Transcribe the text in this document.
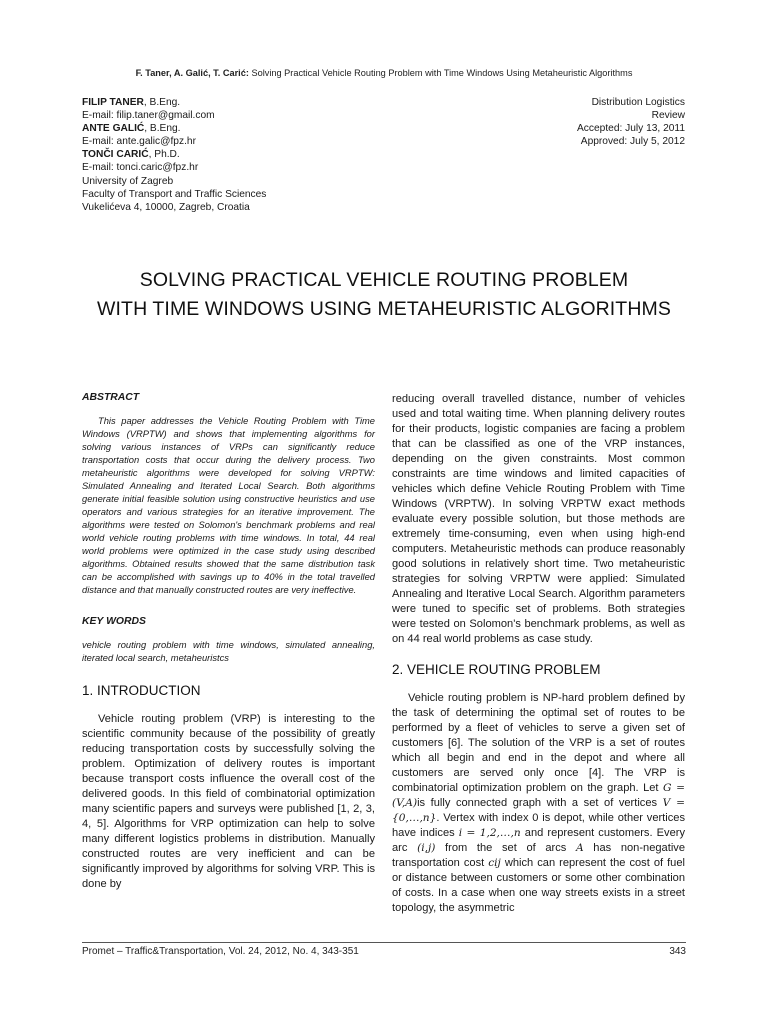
F. Taner, A. Galić, T. Carić: Solving Practical Vehicle Routing Problem with Time Windows Using Metaheuristic Algorithms
FILIP TANER, B.Eng.
E-mail: filip.taner@gmail.com
ANTE GALIĆ, B.Eng.
E-mail: ante.galic@fpz.hr
TONČI CARIĆ, Ph.D.
E-mail: tonci.caric@fpz.hr
University of Zagreb
Faculty of Transport and Traffic Sciences
Vukelićeva 4, 10000, Zagreb, Croatia
Distribution Logistics
Review
Accepted: July 13, 2011
Approved: July 5, 2012
SOLVING PRACTICAL VEHICLE ROUTING PROBLEM
WITH TIME WINDOWS USING METAHEURISTIC ALGORITHMS
ABSTRACT

This paper addresses the Vehicle Routing Problem with Time Windows (VRPTW) and shows that implementing algorithms for solving various instances of VRPs can significantly reduce transportation costs that occur during the delivery process. Two metaheuristic algorithms were developed for solving VRPTW: Simulated Annealing and Iterated Local Search. Both algorithms generate initial feasible solution using constructive heuristics and use operators and various strategies for an iterative improvement. The algorithms were tested on Solomon's benchmark problems and real world vehicle routing problems with time windows. In total, 44 real world problems were optimized in the case study using described algorithms. Obtained results showed that the same distribution task can be accomplished with savings up to 40% in the total travelled distance and that manually constructed routes are very ineffective.

KEY WORDS

vehicle routing problem with time windows, simulated annealing, iterated local search, metaheuristcs

1. INTRODUCTION

Vehicle routing problem (VRP) is interesting to the scientific community because of the possibility of greatly reducing transportation costs by successfully solving the problem. Optimization of delivery routes is important because transport costs influence the overall cost of the delivered goods. In this field of combinatorial optimization many scientific papers and surveys were published [1, 2, 3, 4, 5]. Algorithms for VRP optimization can help to solve many different logistics problems in distribution. Manually constructed routes are very inefficient and can be significantly improved by algorithms for solving VRP. This is done by

reducing overall travelled distance, number of vehicles used and total waiting time. When planning delivery routes for their products, logistic companies are facing a problem that can be classified as one of the VRP instances, depending on the given constraints. Most common constraints are time windows and limited capacities of vehicles which define Vehicle Routing Problem with Time Windows (VRPTW). In solving VRPTW exact methods evaluate every possible solution, but those methods are extremely time-consuming, even when using high-end computers. Metaheuristic methods can produce reasonably good solutions in relatively short time. Two metaheuristic strategies for solving VRPTW were applied: Simulated Annealing and Iterative Local Search. Algorithm parameters were tuned to specific set of problems. Both strategies were tested on Solomon's benchmark problems, as well as on 44 real world problems as case study.

2. VEHICLE ROUTING PROBLEM

Vehicle routing problem is NP-hard problem defined by the task of determining the optimal set of routes to be performed by a fleet of vehicles to serve a given set of customers [6]. The solution of the VRP is a set of routes which all begin and end in the depot and where all customers are served only once [4]. The VRP is combinatorial optimization problem on the graph. Let G = (V,A)is fully connected graph with a set of vertices V = {0,…,n}. Vertex with index 0 is depot, while other vertices have indices i = 1,2,…,n and represent customers. Every arc (i,j) from the set of arcs A has non-negative transportation cost cij which can represent the cost of fuel or distance between customers or some other combination of costs. In a case when one way streets exists in a street topology, the asymmetric

Promet – Traffic&Transportation, Vol. 24, 2012, No. 4, 343-351	343
